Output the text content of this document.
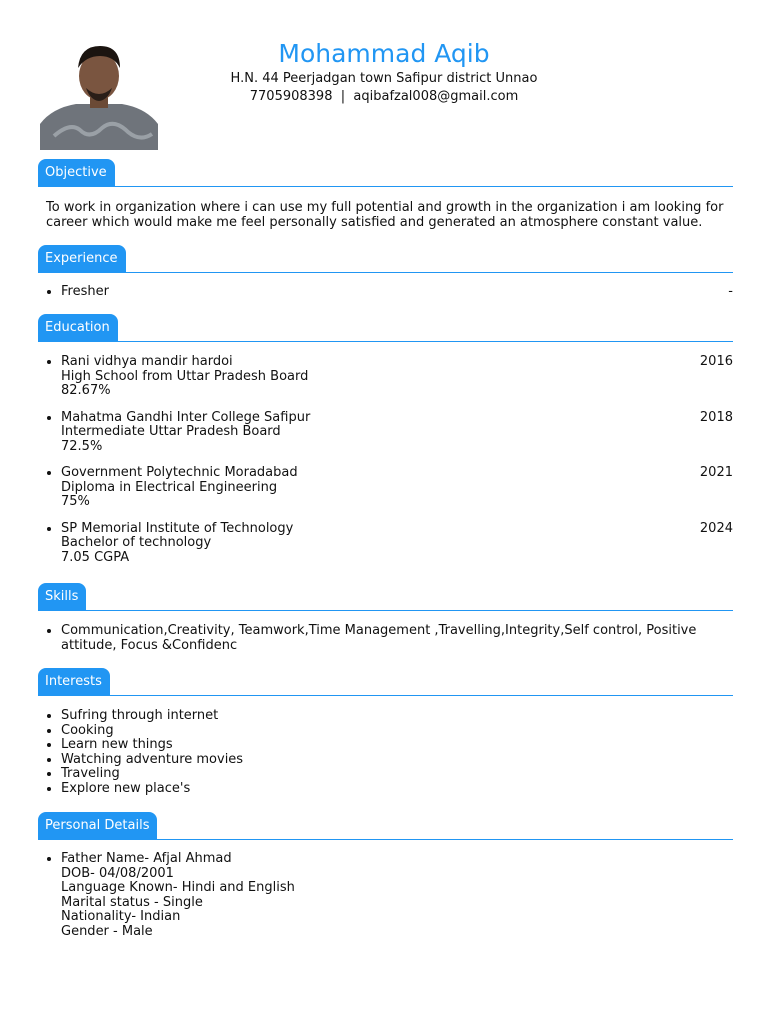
Mohammad Aqib
H.N. 44 Peerjadgan town Safipur district Unnao
7705908398 | aqibafzal008@gmail.com
Objective
To work in organization where i can use my full potential and growth in the organization i am looking for career which would make me feel personally satisfied and generated an atmosphere constant value.
Experience
• Fresher	-
Education
• Rani vidhya mandir hardoi	2016
High School from Uttar Pradesh Board
82.67%
• Mahatma Gandhi Inter College Safipur	2018
Intermediate Uttar Pradesh Board
72.5%
• Government Polytechnic Moradabad	2021
Diploma in Electrical Engineering
75%
• SP Memorial Institute of Technology	2024
Bachelor of technology
7.05 CGPA
Skills
• Communication,Creativity, Teamwork,Time Management ,Travelling,Integrity,Self control, Positive attitude, Focus &Confidenc
Interests
• Sufring through internet
• Cooking
• Learn new things
• Watching adventure movies
• Traveling
• Explore new place's
Personal Details
• Father Name- Afjal Ahmad
DOB- 04/08/2001
Language Known- Hindi and English
Marital status - Single
Nationality- Indian
Gender - Male
